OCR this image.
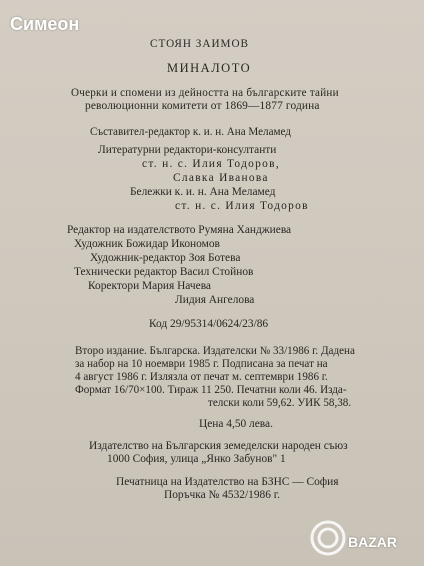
Симеон
СТОЯН ЗАИМОВ
МИНАЛОТО
Очерки и спомени из дейността на българските тайни
революционни комитети от 1869—1877 година
Съставител-редактор к. и. н. Ана Меламед
Литературни редактори-консултанти
ст. н. с. Илия Тодоров,
Славка Иванова
Бележки к. и. н. Ана Меламед
ст. н. с. Илия Тодоров
Редактор на издателството Румяна Ханджиева
Художник Божидар Икономов
Художник-редактор Зоя Ботева
Технически редактор Васил Стойнов
Коректори Мария Начева
Лидия Ангелова
Код 29/95314/0624/23/86
Второ издание. Българска. Издателски № 33/1986 г. Дадена
за набор на 10 ноември 1985 г. Подписана за печат на
4 август 1986 г. Излязла от печат м. септември 1986 г.
Формат 16/70×100. Тираж 11 250. Печатни коли 46. Изда-
телски коли 59,62. УИК 58,38.
Цена 4,50 лева.
Издателство на Българския земеделски народен съюз
1000 София, улица „Янко Забунов" 1
Печатница на Издателство на БЗНС — София
Поръчка № 4532/1986 г.
BAZAR
